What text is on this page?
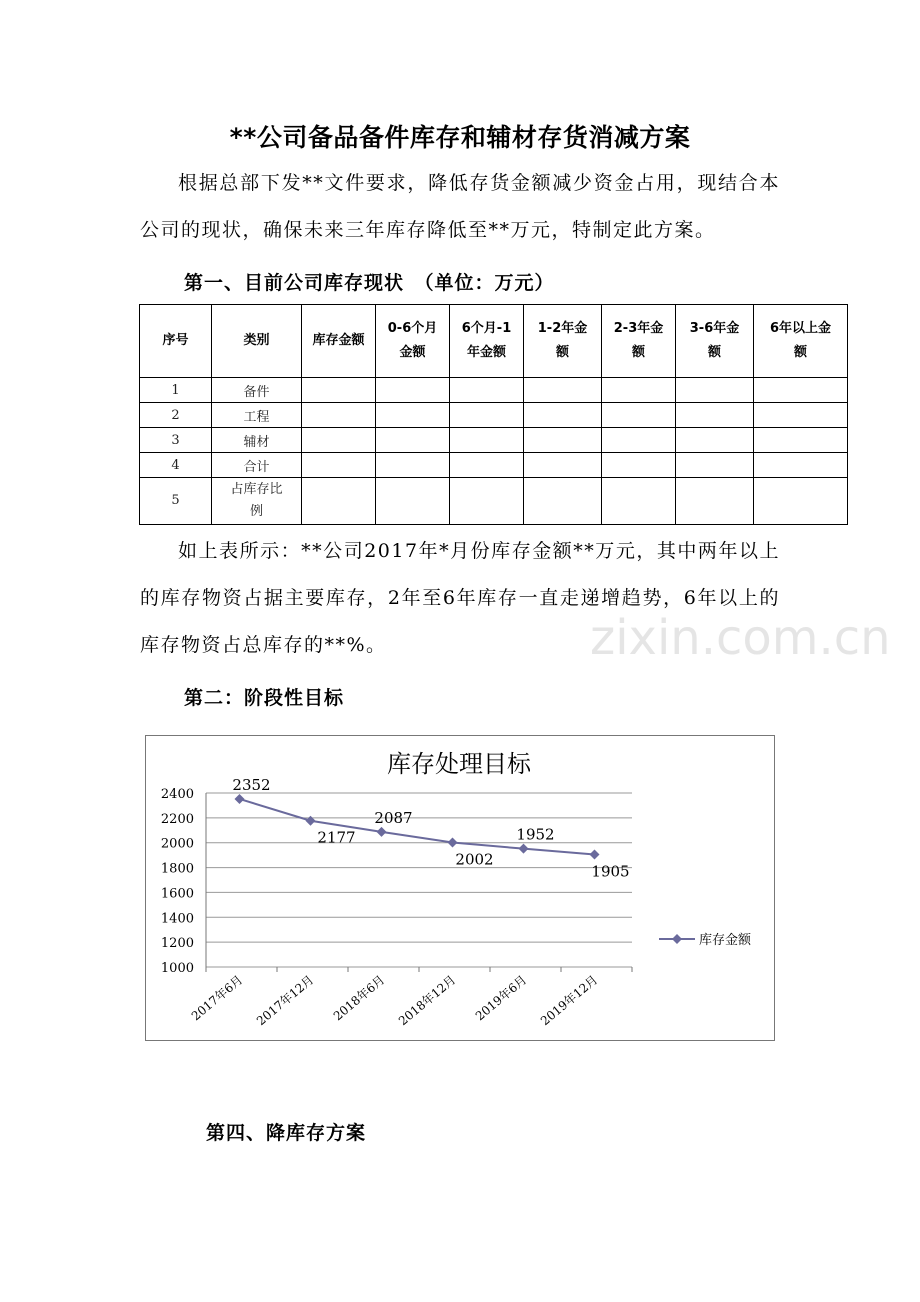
**公司备品备件库存和辅材存货消减方案
根据总部下发**文件要求，降低存货金额减少资金占用，现结合本公司的现状，确保未来三年库存降低至**万元，特制定此方案。
第一、目前公司库存现状　（单位：万元）
序号	类别	库存金额	0-6个月金额	6个月-1年金额	1-2年金额	2-3年金额	3-6年金额	6年以上金额
1	备件							
2	工程							
3	辅材							
4	合计							
5	占库存比例							
如上表所示：**公司2017年*月份库存金额**万元，其中两年以上的库存物资占据主要库存，2年至6年库存一直走递增趋势，6年以上的库存物资占总库存的**%。	zixin.com.cn
第二：阶段性目标
库存处理目标
1000
1200
1400
1600
1800
2000
2200
2400
2017年6月 2017年12月 2018年6月 2018年12月 2019年6月 2019年12月
2352
2177
2087
2002
1952
1905
库存金额
第四、降库存方案
